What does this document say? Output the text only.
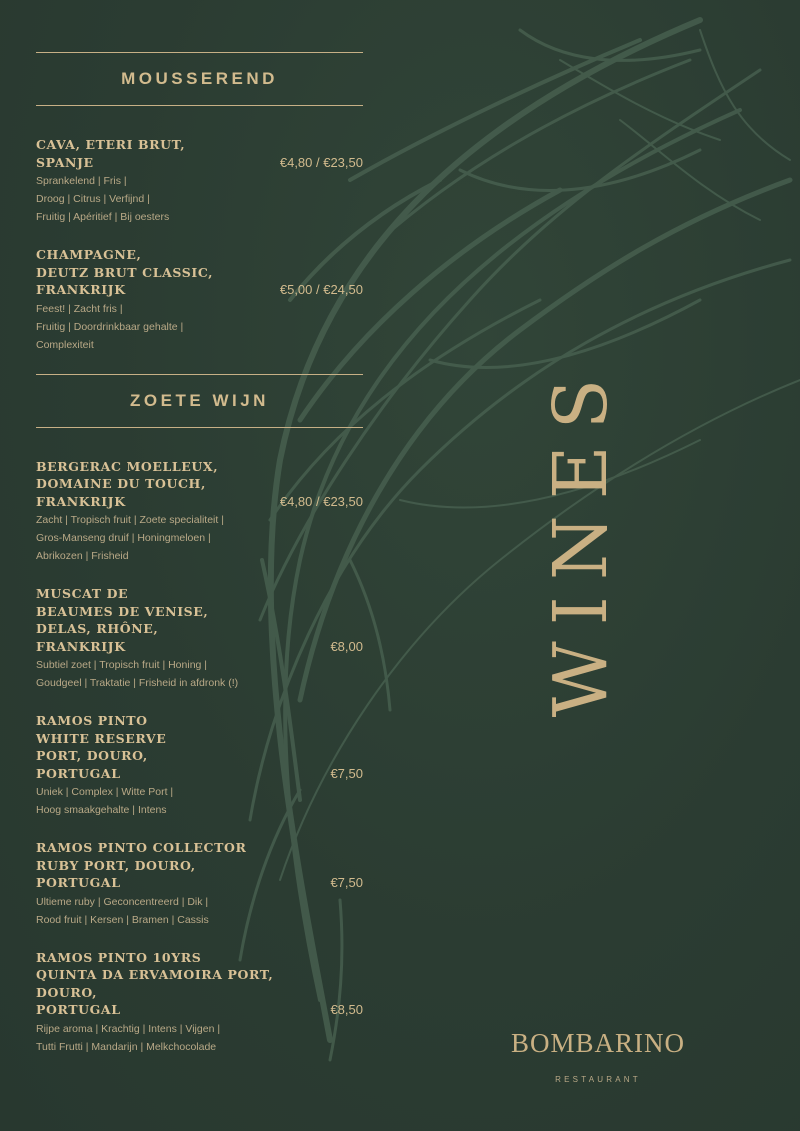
MOUSSEREND
CAVA, ETERI BRUT,
SPANJE	€4,80 / €23,50
Sprankelend | Fris |
Droog | Citrus | Verfijnd |
Fruitig | Apéritief | Bij oesters
CHAMPAGNE,
DEUTZ BRUT CLASSIC,
FRANKRIJK	€5,00 / €24,50
Feest! | Zacht fris |
Fruitig | Doordrinkbaar gehalte |
Complexiteit
ZOETE WIJN
BERGERAC MOELLEUX,
DOMAINE DU TOUCH,
FRANKRIJK	€4,80 / €23,50
Zacht | Tropisch fruit | Zoete specialiteit |
Gros-Manseng druif | Honingmeloen |
Abrikozen | Frisheid
MUSCAT DE
BEAUMES DE VENISE,
DELAS, RHÔNE,
FRANKRIJK	€8,00
Subtiel zoet | Tropisch fruit | Honing |
Goudgeel | Traktatie | Frisheid in afdronk (!)
RAMOS PINTO
WHITE RESERVE
PORT, DOURO,
PORTUGAL	€7,50
Uniek | Complex | Witte Port |
Hoog smaakgehalte | Intens
RAMOS PINTO COLLECTOR
RUBY PORT, DOURO,
PORTUGAL	€7,50
Ultieme ruby | Geconcentreerd | Dik |
Rood fruit | Kersen | Bramen | Cassis
RAMOS PINTO 10YRS
QUINTA DA ERVAMOIRA PORT,
DOURO,
PORTUGAL	€8,50
Rijpe aroma | Krachtig | Intens | Vijgen |
Tutti Frutti | Mandarijn | Melkchocolade
WINES
BOMBARINO
RESTAURANT
